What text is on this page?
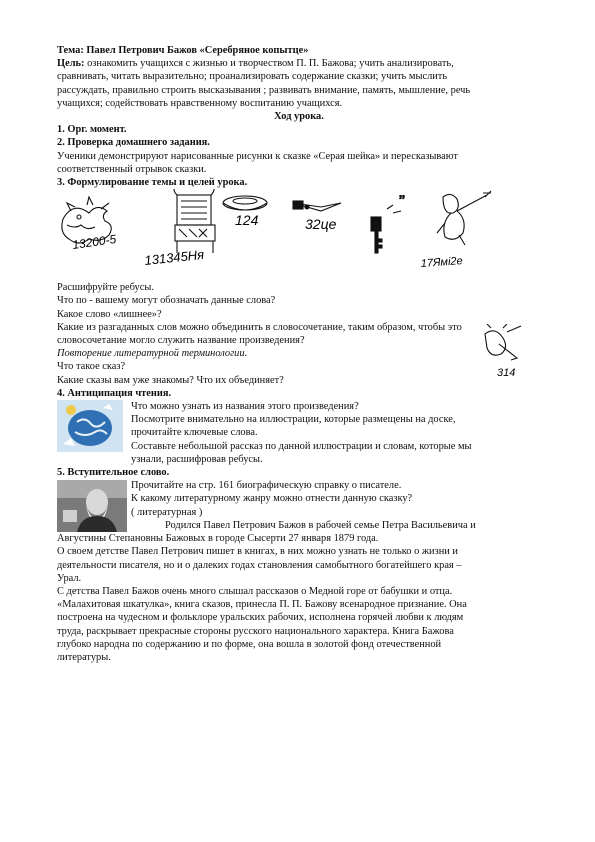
Тема: Павел Петрович Бажов «Серебряное копытце»
Цель: ознакомить учащихся с жизнью и творчеством П. П. Бажова; учить анализировать,
сравнивать, читать выразительно; проанализировать содержание сказки; учить мыслить
рассуждать, правильно строить высказывания ; развивать внимание, память, мышление, речь
учащихся; содействовать нравственному воспитанию учащихся.
Ход урока.
1. Орг. момент.
2. Проверка домашнего задания.
Ученики демонстрируют нарисованные рисунки к сказке «Серая шейка» и пересказывают
соответственный отрывок сказки.
3. Формулирование темы и целей урока.
13200-5
131345Ня
124	32це
’’
17Ямі2е
Расшифруйте ребусы.
Что по - вашему могут обозначать данные слова?
Какое слово «лишнее»?
Какие из разгаданных слов можно объединить в словосочетание, таким образом, чтобы это
словосочетание могло служить название произведения?
Повторение литературной терминологии.
Что такое сказ?
Какие сказы вам уже знакомы? Что их объединяет?
314
4. Антиципация чтения.
Что можно узнать из названия этого произведения?
Посмотрите внимательно на иллюстрации, которые размещены на доске,
прочитайте ключевые слова.
Составьте небольшой рассказ по данной иллюстрации и словам, которые мы
узнали, расшифровав ребусы.
5. Вступительное слово.
Прочитайте на стр. 161 биографическую справку о писателе.
К какому литературному жанру можно отнести данную сказку?
( литературная )
Родился Павел Петрович Бажов в рабочей семье Петра Васильевича и
Августины Степановны Бажовых в городе Сысерти 27 января 1879 года.
О своем детстве Павел Петрович пишет в книгах, в них можно узнать не только о жизни и
деятельности писателя, но и о далеких годах становления самобытного богатейшего края –
Урал.
С детства Павел Бажов очень много слышал рассказов о Медной горе от бабушки и отца.
«Малахитовая шкатулка», книга сказов, принесла П. П. Бажову всенародное признание. Она
построена на чудесном и фольклоре уральских рабочих, исполнена горячей любви к людям
труда, раскрывает прекрасные стороны русского национального характера. Книга Бажова
глубоко народна по содержанию и по форме, она вошла в золотой фонд отечественной
литературы.
